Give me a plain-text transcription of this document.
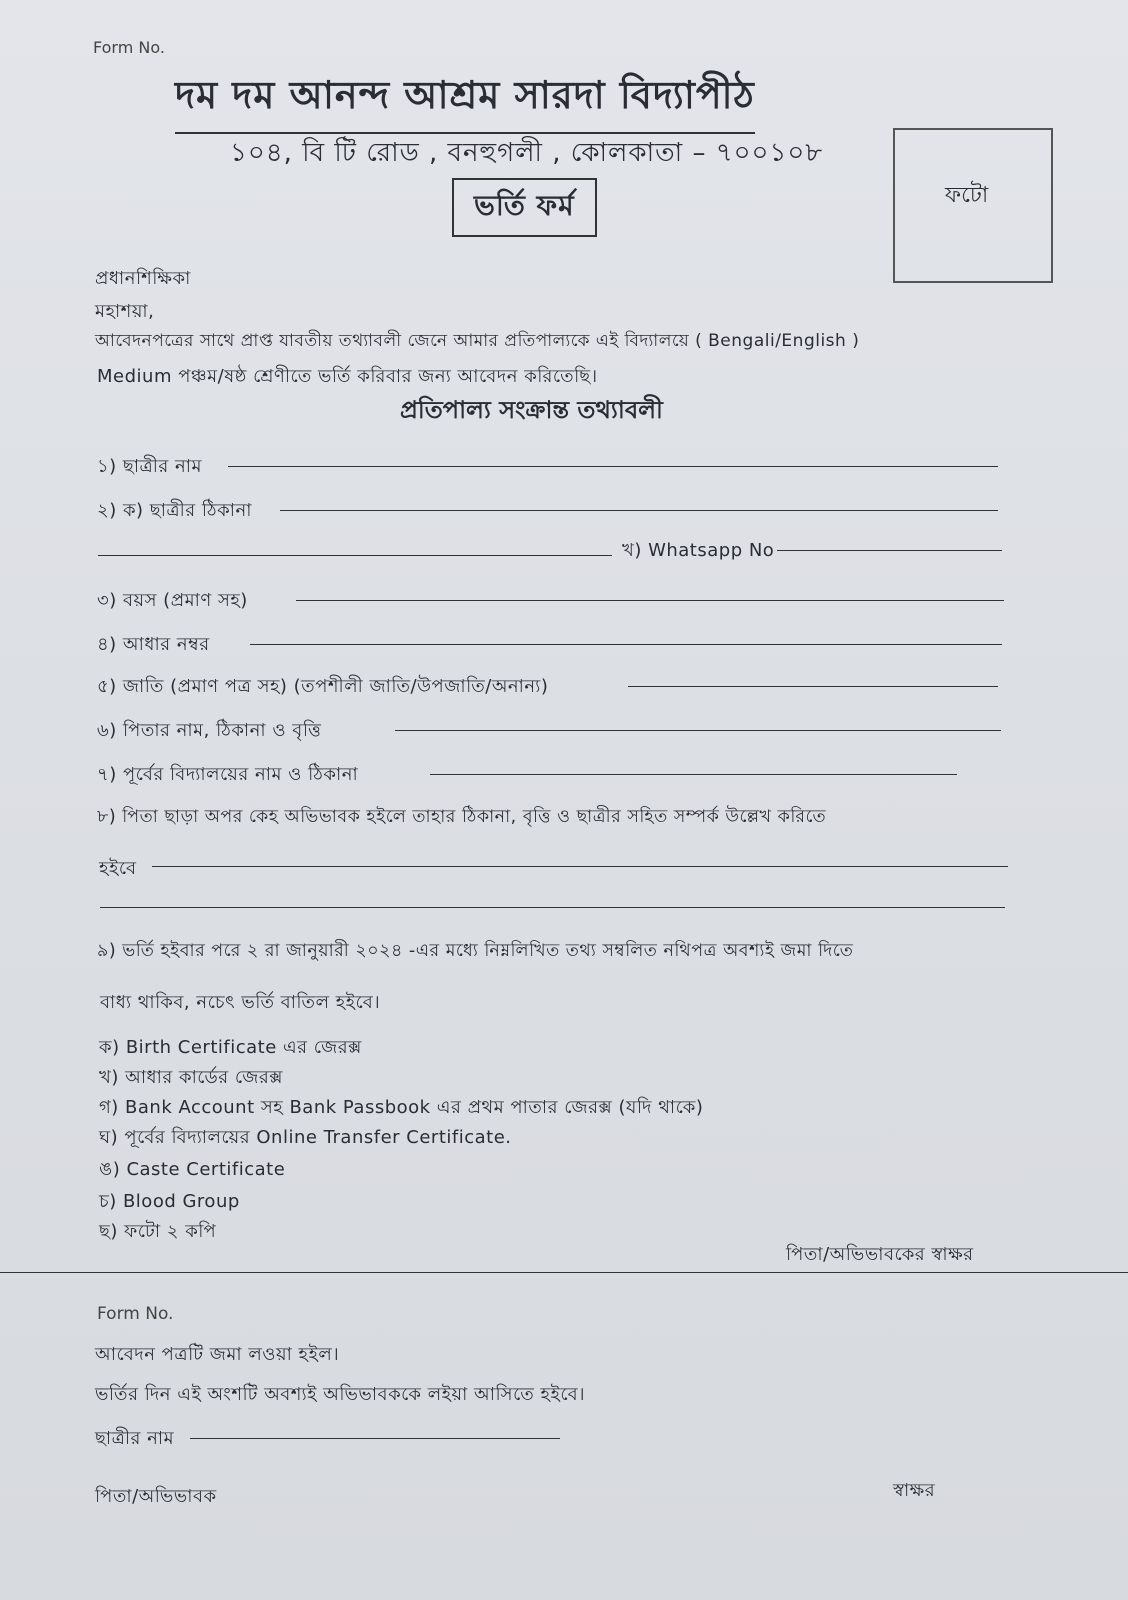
Form No.
দম দম আনন্দ আশ্রম সারদা বিদ্যাপীঠ
১০৪, বি টি রোড , বনহুগলী , কোলকাতা – ৭০০১০৮
ভর্তি ফর্ম	ফটো
প্রধানশিক্ষিকা
মহাশয়া,
আবেদনপত্রের সাথে প্রাপ্ত যাবতীয় তথ্যাবলী জেনে আমার প্রতিপাল্যকে এই বিদ্যালয়ে ( Bengali/English )
Medium পঞ্চম/ষষ্ঠ শ্রেণীতে ভর্তি করিবার জন্য আবেদন করিতেছি।
প্রতিপাল্য সংক্রান্ত তথ্যাবলী
১) ছাত্রীর নাম
২) ক) ছাত্রীর ঠিকানা
খ) Whatsapp No
৩) বয়স (প্রমাণ সহ)
৪) আধার নম্বর
৫) জাতি (প্রমাণ পত্র সহ) (তপশীলী জাতি/উপজাতি/অনান্য)
৬) পিতার নাম, ঠিকানা ও বৃত্তি
৭) পূর্বের বিদ্যালয়ের নাম ও ঠিকানা
৮) পিতা ছাড়া অপর কেহ অভিভাবক হইলে তাহার ঠিকানা, বৃত্তি ও ছাত্রীর সহিত সম্পর্ক উল্লেখ করিতে
হইবে
৯) ভর্তি হইবার পরে ২ রা জানুয়ারী ২০২৪ -এর মধ্যে নিম্নলিখিত তথ্য সম্বলিত নথিপত্র অবশ্যই জমা দিতে
বাধ্য থাকিব, নচেৎ ভর্তি বাতিল হইবে।
ক) Birth Certificate এর জেরক্স
খ) আধার কার্ডের জেরক্স
গ) Bank Account সহ Bank Passbook এর প্রথম পাতার জেরক্স (যদি থাকে)
ঘ) পূর্বের বিদ্যালয়ের Online Transfer Certificate.
ঙ) Caste Certificate
চ) Blood Group
ছ) ফটো ২ কপি
পিতা/অভিভাবকের স্বাক্ষর
Form No.
আবেদন পত্রটি জমা লওয়া হইল।
ভর্তির দিন এই অংশটি অবশ্যই অভিভাবককে লইয়া আসিতে হইবে।
ছাত্রীর নাম
পিতা/অভিভাবক	স্বাক্ষর
